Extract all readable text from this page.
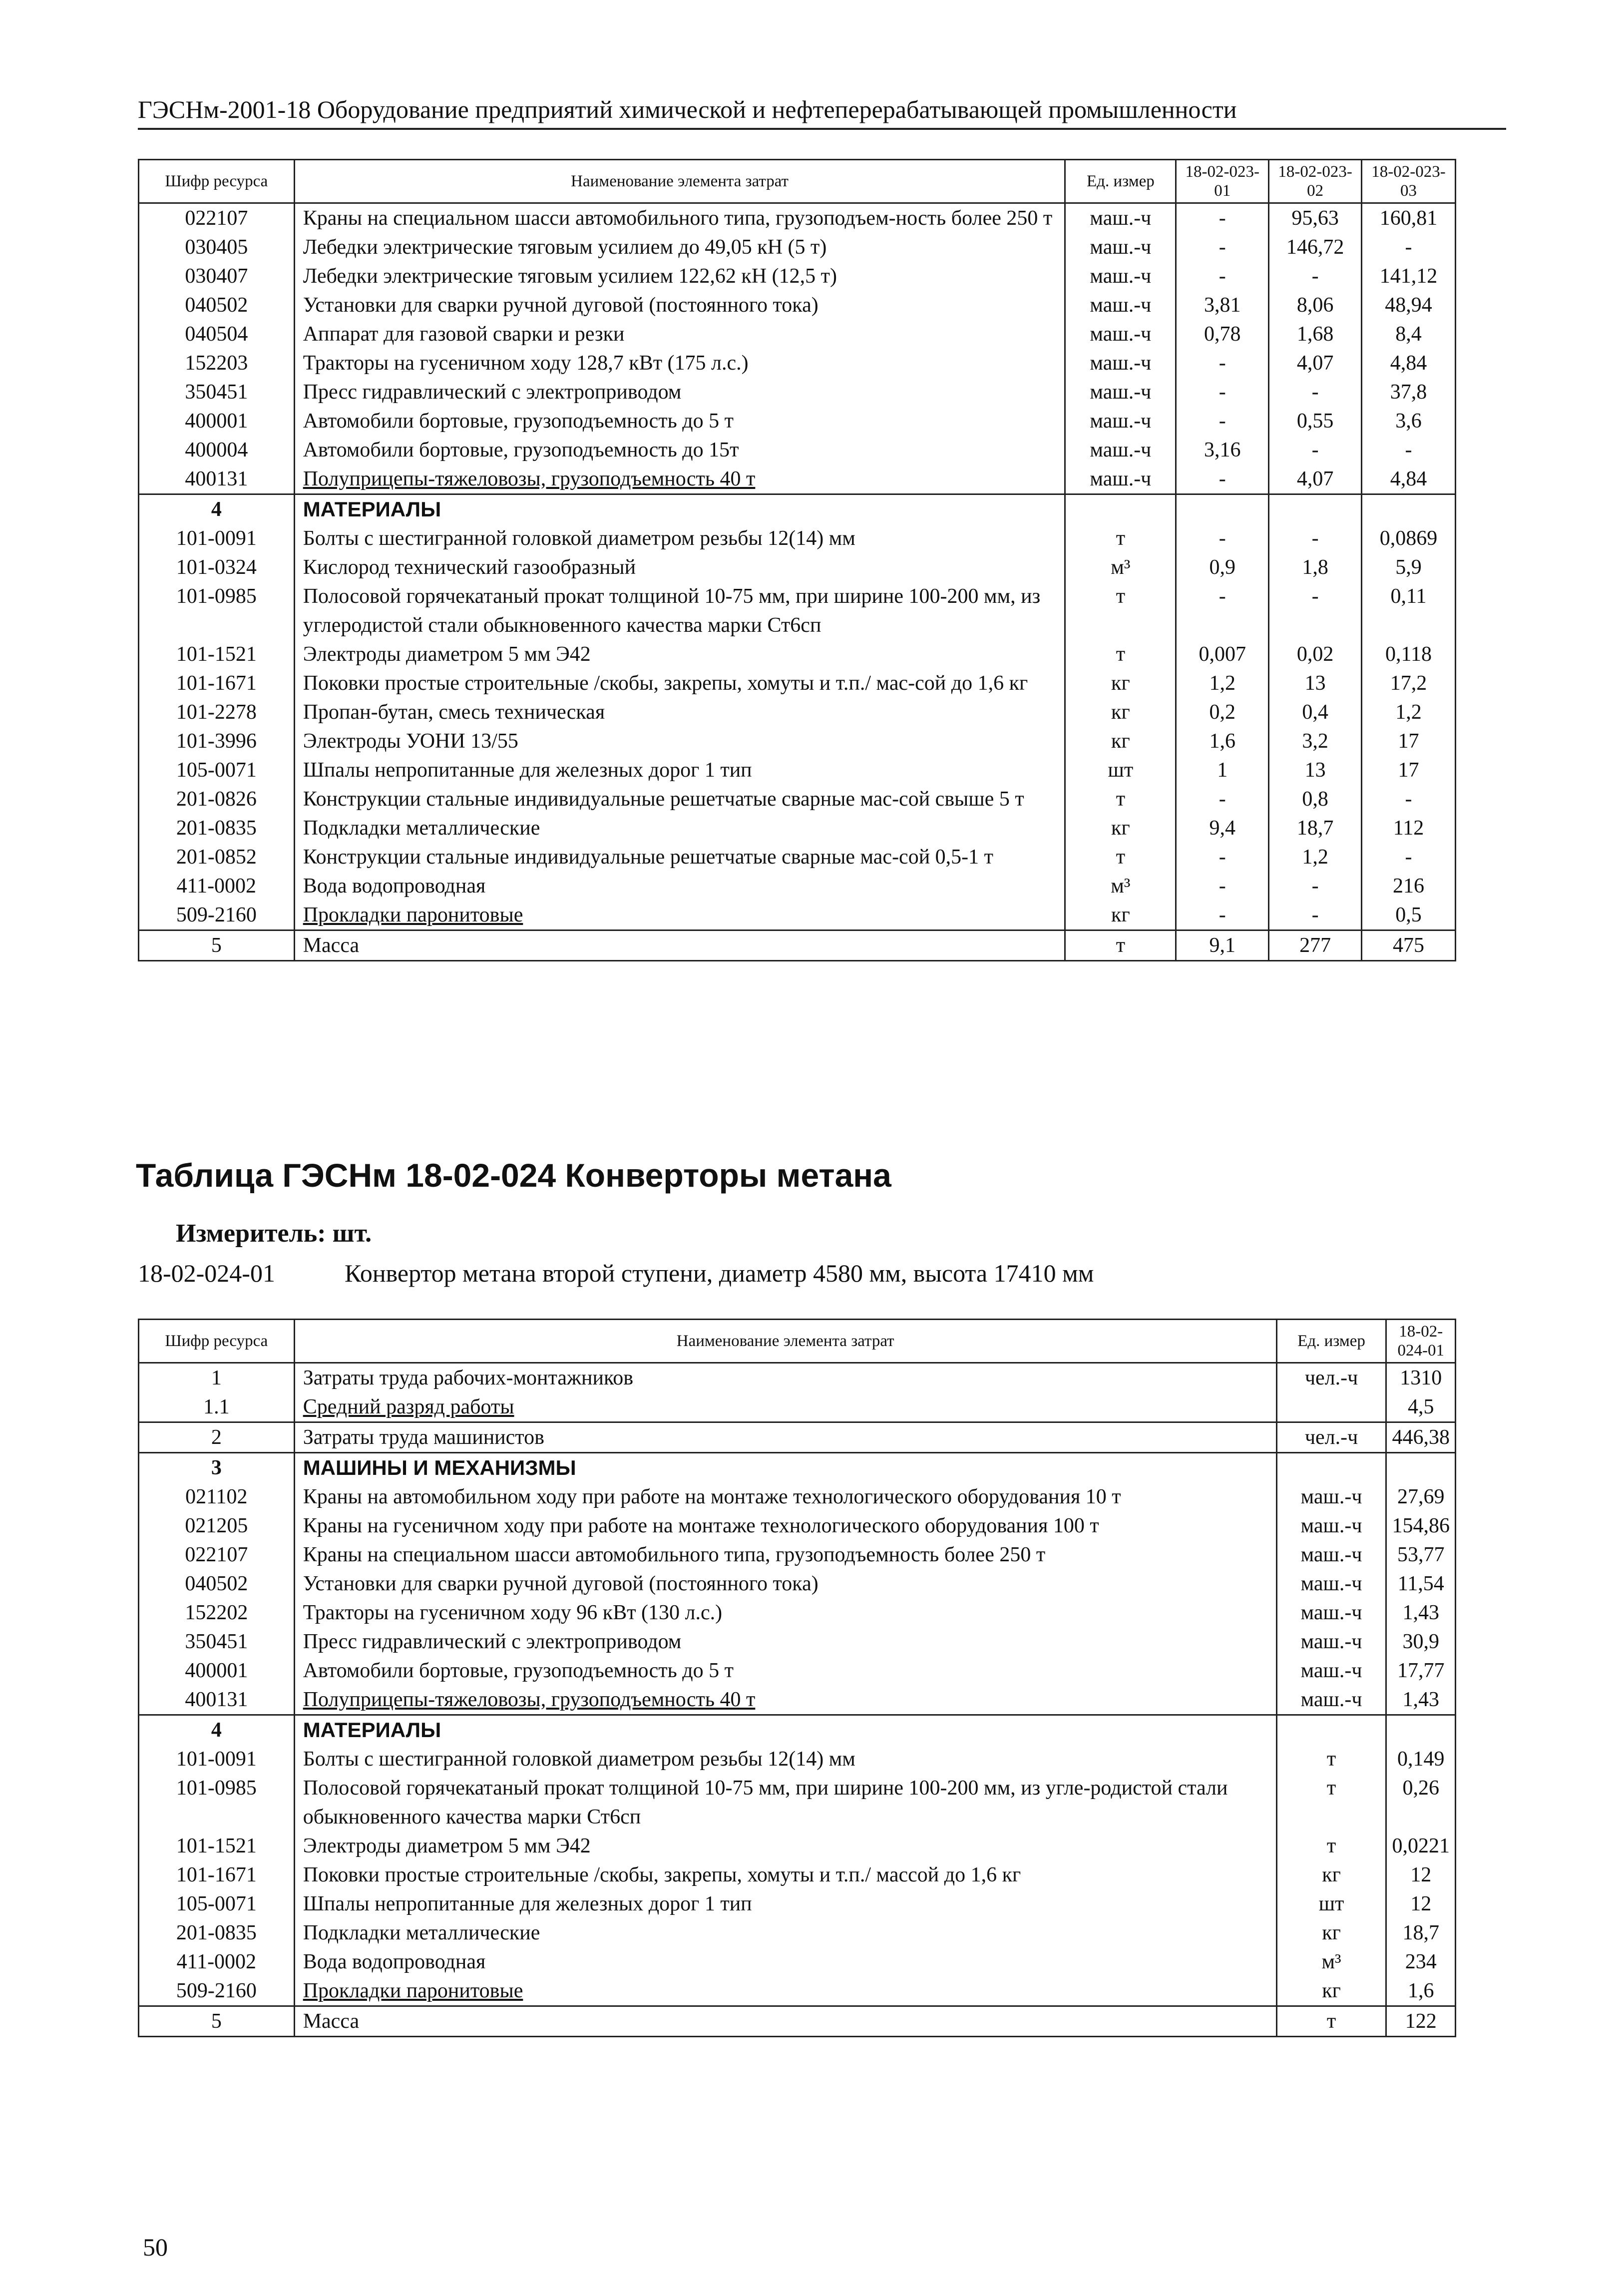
ГЭСНм-2001-18 Оборудование предприятий химической и нефтеперерабатывающей промышленности
Шифр ресурса	Наименование элемента затрат	Ед. измер	18-02-023-01	18-02-023-02	18-02-023-03
022107	Краны на специальном шасси автомобильного типа, грузоподъем-ность более 250 т	маш.-ч	-	95,63	160,81
030405	Лебедки электрические тяговым усилием до 49,05 кН (5 т)	маш.-ч	-	146,72	-
030407	Лебедки электрические тяговым усилием 122,62 кН (12,5 т)	маш.-ч	-	-	141,12
040502	Установки для сварки ручной дуговой (постоянного тока)	маш.-ч	3,81	8,06	48,94
040504	Аппарат для газовой сварки и резки	маш.-ч	0,78	1,68	8,4
152203	Тракторы на гусеничном ходу 128,7 кВт (175 л.с.)	маш.-ч	-	4,07	4,84
350451	Пресс гидравлический с электроприводом	маш.-ч	-	-	37,8
400001	Автомобили бортовые, грузоподъемность до 5 т	маш.-ч	-	0,55	3,6
400004	Автомобили бортовые, грузоподъемность до 15т	маш.-ч	3,16	-	-
400131	Полуприцепы-тяжеловозы, грузоподъемность 40 т	маш.-ч	-	4,07	4,84
4	МАТЕРИАЛЫ				
101-0091	Болты с шестигранной головкой диаметром резьбы 12(14) мм	т	-	-	0,0869
101-0324	Кислород технический газообразный	м³	0,9	1,8	5,9
101-0985	Полосовой горячекатаный прокат толщиной 10-75 мм, при ширине 100-200 мм, из углеродистой стали обыкновенного качества марки Ст6сп	т	-	-	0,11
101-1521	Электроды диаметром 5 мм Э42	т	0,007	0,02	0,118
101-1671	Поковки простые строительные /скобы, закрепы, хомуты и т.п./ мас-сой до 1,6 кг	кг	1,2	13	17,2
101-2278	Пропан-бутан, смесь техническая	кг	0,2	0,4	1,2
101-3996	Электроды УОНИ 13/55	кг	1,6	3,2	17
105-0071	Шпалы непропитанные для железных дорог 1 тип	шт	1	13	17
201-0826	Конструкции стальные индивидуальные решетчатые сварные мас-сой свыше 5 т	т	-	0,8	-
201-0835	Подкладки металлические	кг	9,4	18,7	112
201-0852	Конструкции стальные индивидуальные решетчатые сварные мас-сой 0,5-1 т	т	-	1,2	-
411-0002	Вода водопроводная	м³	-	-	216
509-2160	Прокладки паронитовые	кг	-	-	0,5
5	Масса	т	9,1	277	475
Таблица ГЭСНм 18-02-024 Конверторы метана
Измеритель: шт.
18-02-024-01	Конвертор метана второй ступени, диаметр 4580 мм, высота 17410 мм
Шифр ресурса	Наименование элемента затрат	Ед. измер	18-02-024-01
1	Затраты труда рабочих-монтажников	чел.-ч	1310
1.1	Средний разряд работы		4,5
2	Затраты труда машинистов	чел.-ч	446,38
3	МАШИНЫ И МЕХАНИЗМЫ		
021102	Краны на автомобильном ходу при работе на монтаже технологического оборудования 10 т	маш.-ч	27,69
021205	Краны на гусеничном ходу при работе на монтаже технологического оборудования 100 т	маш.-ч	154,86
022107	Краны на специальном шасси автомобильного типа, грузоподъемность более 250 т	маш.-ч	53,77
040502	Установки для сварки ручной дуговой (постоянного тока)	маш.-ч	11,54
152202	Тракторы на гусеничном ходу 96 кВт (130 л.с.)	маш.-ч	1,43
350451	Пресс гидравлический с электроприводом	маш.-ч	30,9
400001	Автомобили бортовые, грузоподъемность до 5 т	маш.-ч	17,77
400131	Полуприцепы-тяжеловозы, грузоподъемность 40 т	маш.-ч	1,43
4	МАТЕРИАЛЫ		
101-0091	Болты с шестигранной головкой диаметром резьбы 12(14) мм	т	0,149
101-0985	Полосовой горячекатаный прокат толщиной 10-75 мм, при ширине 100-200 мм, из угле-родистой стали обыкновенного качества марки Ст6сп	т	0,26
101-1521	Электроды диаметром 5 мм Э42	т	0,0221
101-1671	Поковки простые строительные /скобы, закрепы, хомуты и т.п./ массой до 1,6 кг	кг	12
105-0071	Шпалы непропитанные для железных дорог 1 тип	шт	12
201-0835	Подкладки металлические	кг	18,7
411-0002	Вода водопроводная	м³	234
509-2160	Прокладки паронитовые	кг	1,6
5	Масса	т	122
50
